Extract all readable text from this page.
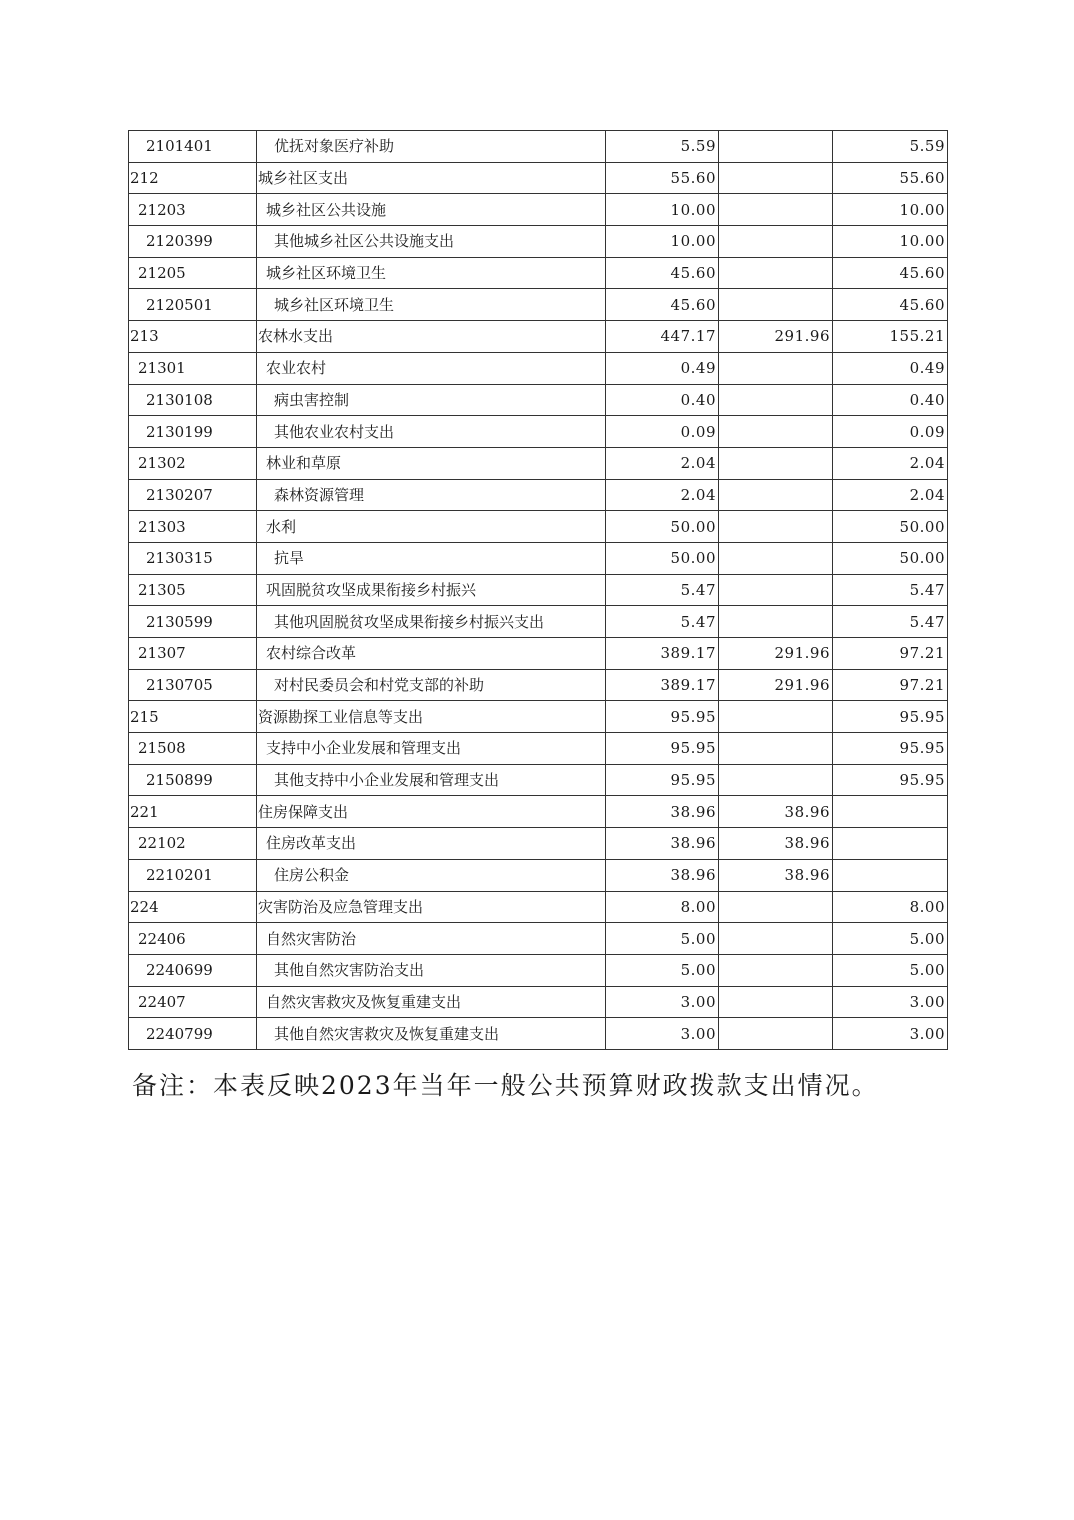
2101401	优抚对象医疗补助	5.59		5.59
212	城乡社区支出	55.60		55.60
21203	城乡社区公共设施	10.00		10.00
2120399	其他城乡社区公共设施支出	10.00		10.00
21205	城乡社区环境卫生	45.60		45.60
2120501	城乡社区环境卫生	45.60		45.60
213	农林水支出	447.17	291.96	155.21
21301	农业农村	0.49		0.49
2130108	病虫害控制	0.40		0.40
2130199	其他农业农村支出	0.09		0.09
21302	林业和草原	2.04		2.04
2130207	森林资源管理	2.04		2.04
21303	水利	50.00		50.00
2130315	抗旱	50.00		50.00
21305	巩固脱贫攻坚成果衔接乡村振兴	5.47		5.47
2130599	其他巩固脱贫攻坚成果衔接乡村振兴支出	5.47		5.47
21307	农村综合改革	389.17	291.96	97.21
2130705	对村民委员会和村党支部的补助	389.17	291.96	97.21
215	资源勘探工业信息等支出	95.95		95.95
21508	支持中小企业发展和管理支出	95.95		95.95
2150899	其他支持中小企业发展和管理支出	95.95		95.95
221	住房保障支出	38.96	38.96	
22102	住房改革支出	38.96	38.96	
2210201	住房公积金	38.96	38.96	
224	灾害防治及应急管理支出	8.00		8.00
22406	自然灾害防治	5.00		5.00
2240699	其他自然灾害防治支出	5.00		5.00
22407	自然灾害救灾及恢复重建支出	3.00		3.00
2240799	其他自然灾害救灾及恢复重建支出	3.00		3.00
备注：本表反映2023年当年一般公共预算财政拨款支出情况。
